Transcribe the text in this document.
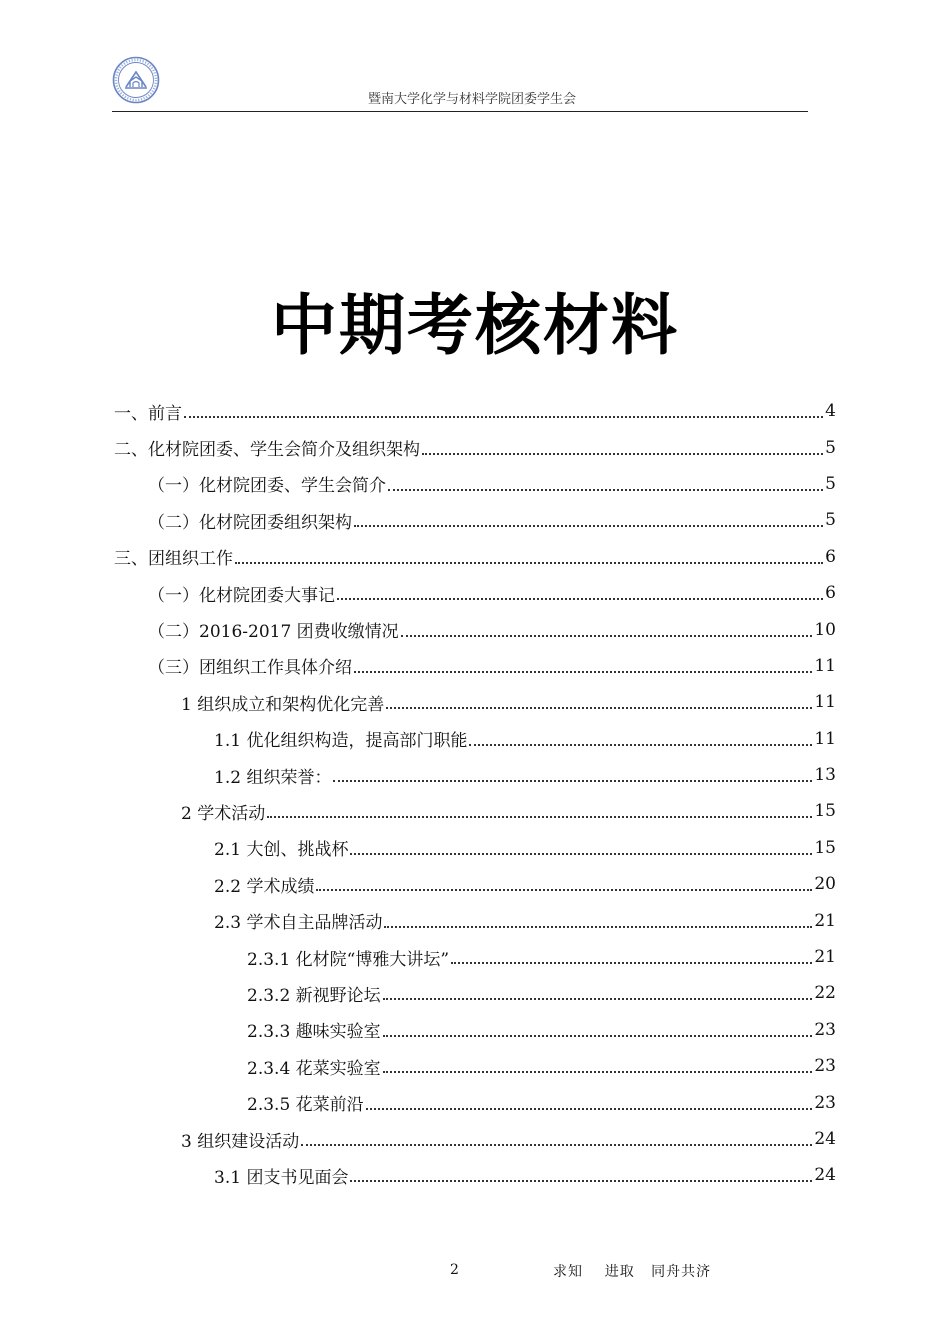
暨南大学化学与材料学院团委学生会
中期考核材料
一、前言	4
二、化材院团委、学生会简介及组织架构	5
（一）化材院团委、学生会简介	5
（二）化材院团委组织架构	5
三、团组织工作	6
（一）化材院团委大事记	6
（二）2016-2017 团费收缴情况	10
（三）团组织工作具体介绍	11
1 组织成立和架构优化完善	11
1.1 优化组织构造，提高部门职能	11
1.2 组织荣誉：	13
2 学术活动	15
2.1 大创、挑战杯	15
2.2 学术成绩	20
2.3 学术自主品牌活动	21
2.3.1 化材院“博雅大讲坛”	21
2.3.2 新视野论坛	22
2.3.3 趣味实验室	23
2.3.4 花菜实验室	23
2.3.5 花菜前沿	23
3 组织建设活动	24
3.1 团支书见面会	24
2	求知    进取   同舟共济
